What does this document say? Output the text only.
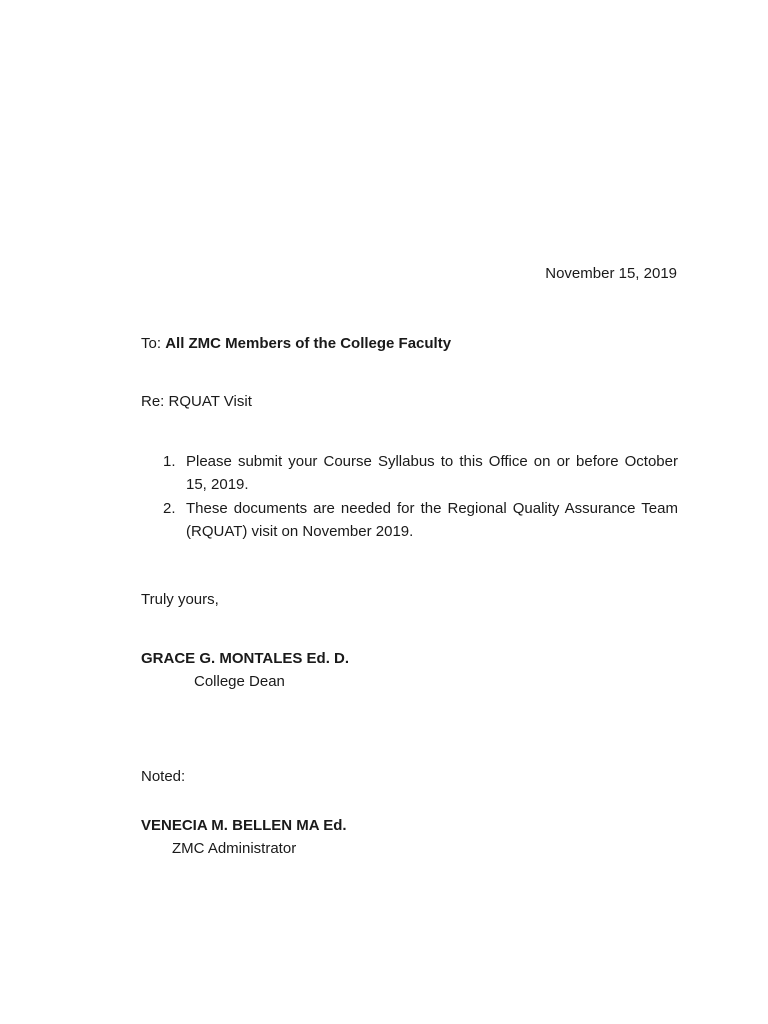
November 15, 2019
To: All ZMC Members of the College Faculty
Re: RQUAT Visit
1. Please submit your Course Syllabus to this Office on or before October 15, 2019.
2. These documents are needed for the Regional Quality Assurance Team (RQUAT) visit on November 2019.
Truly yours,
GRACE G. MONTALES Ed. D.
College Dean
Noted:
VENECIA M. BELLEN MA Ed.
ZMC Administrator
